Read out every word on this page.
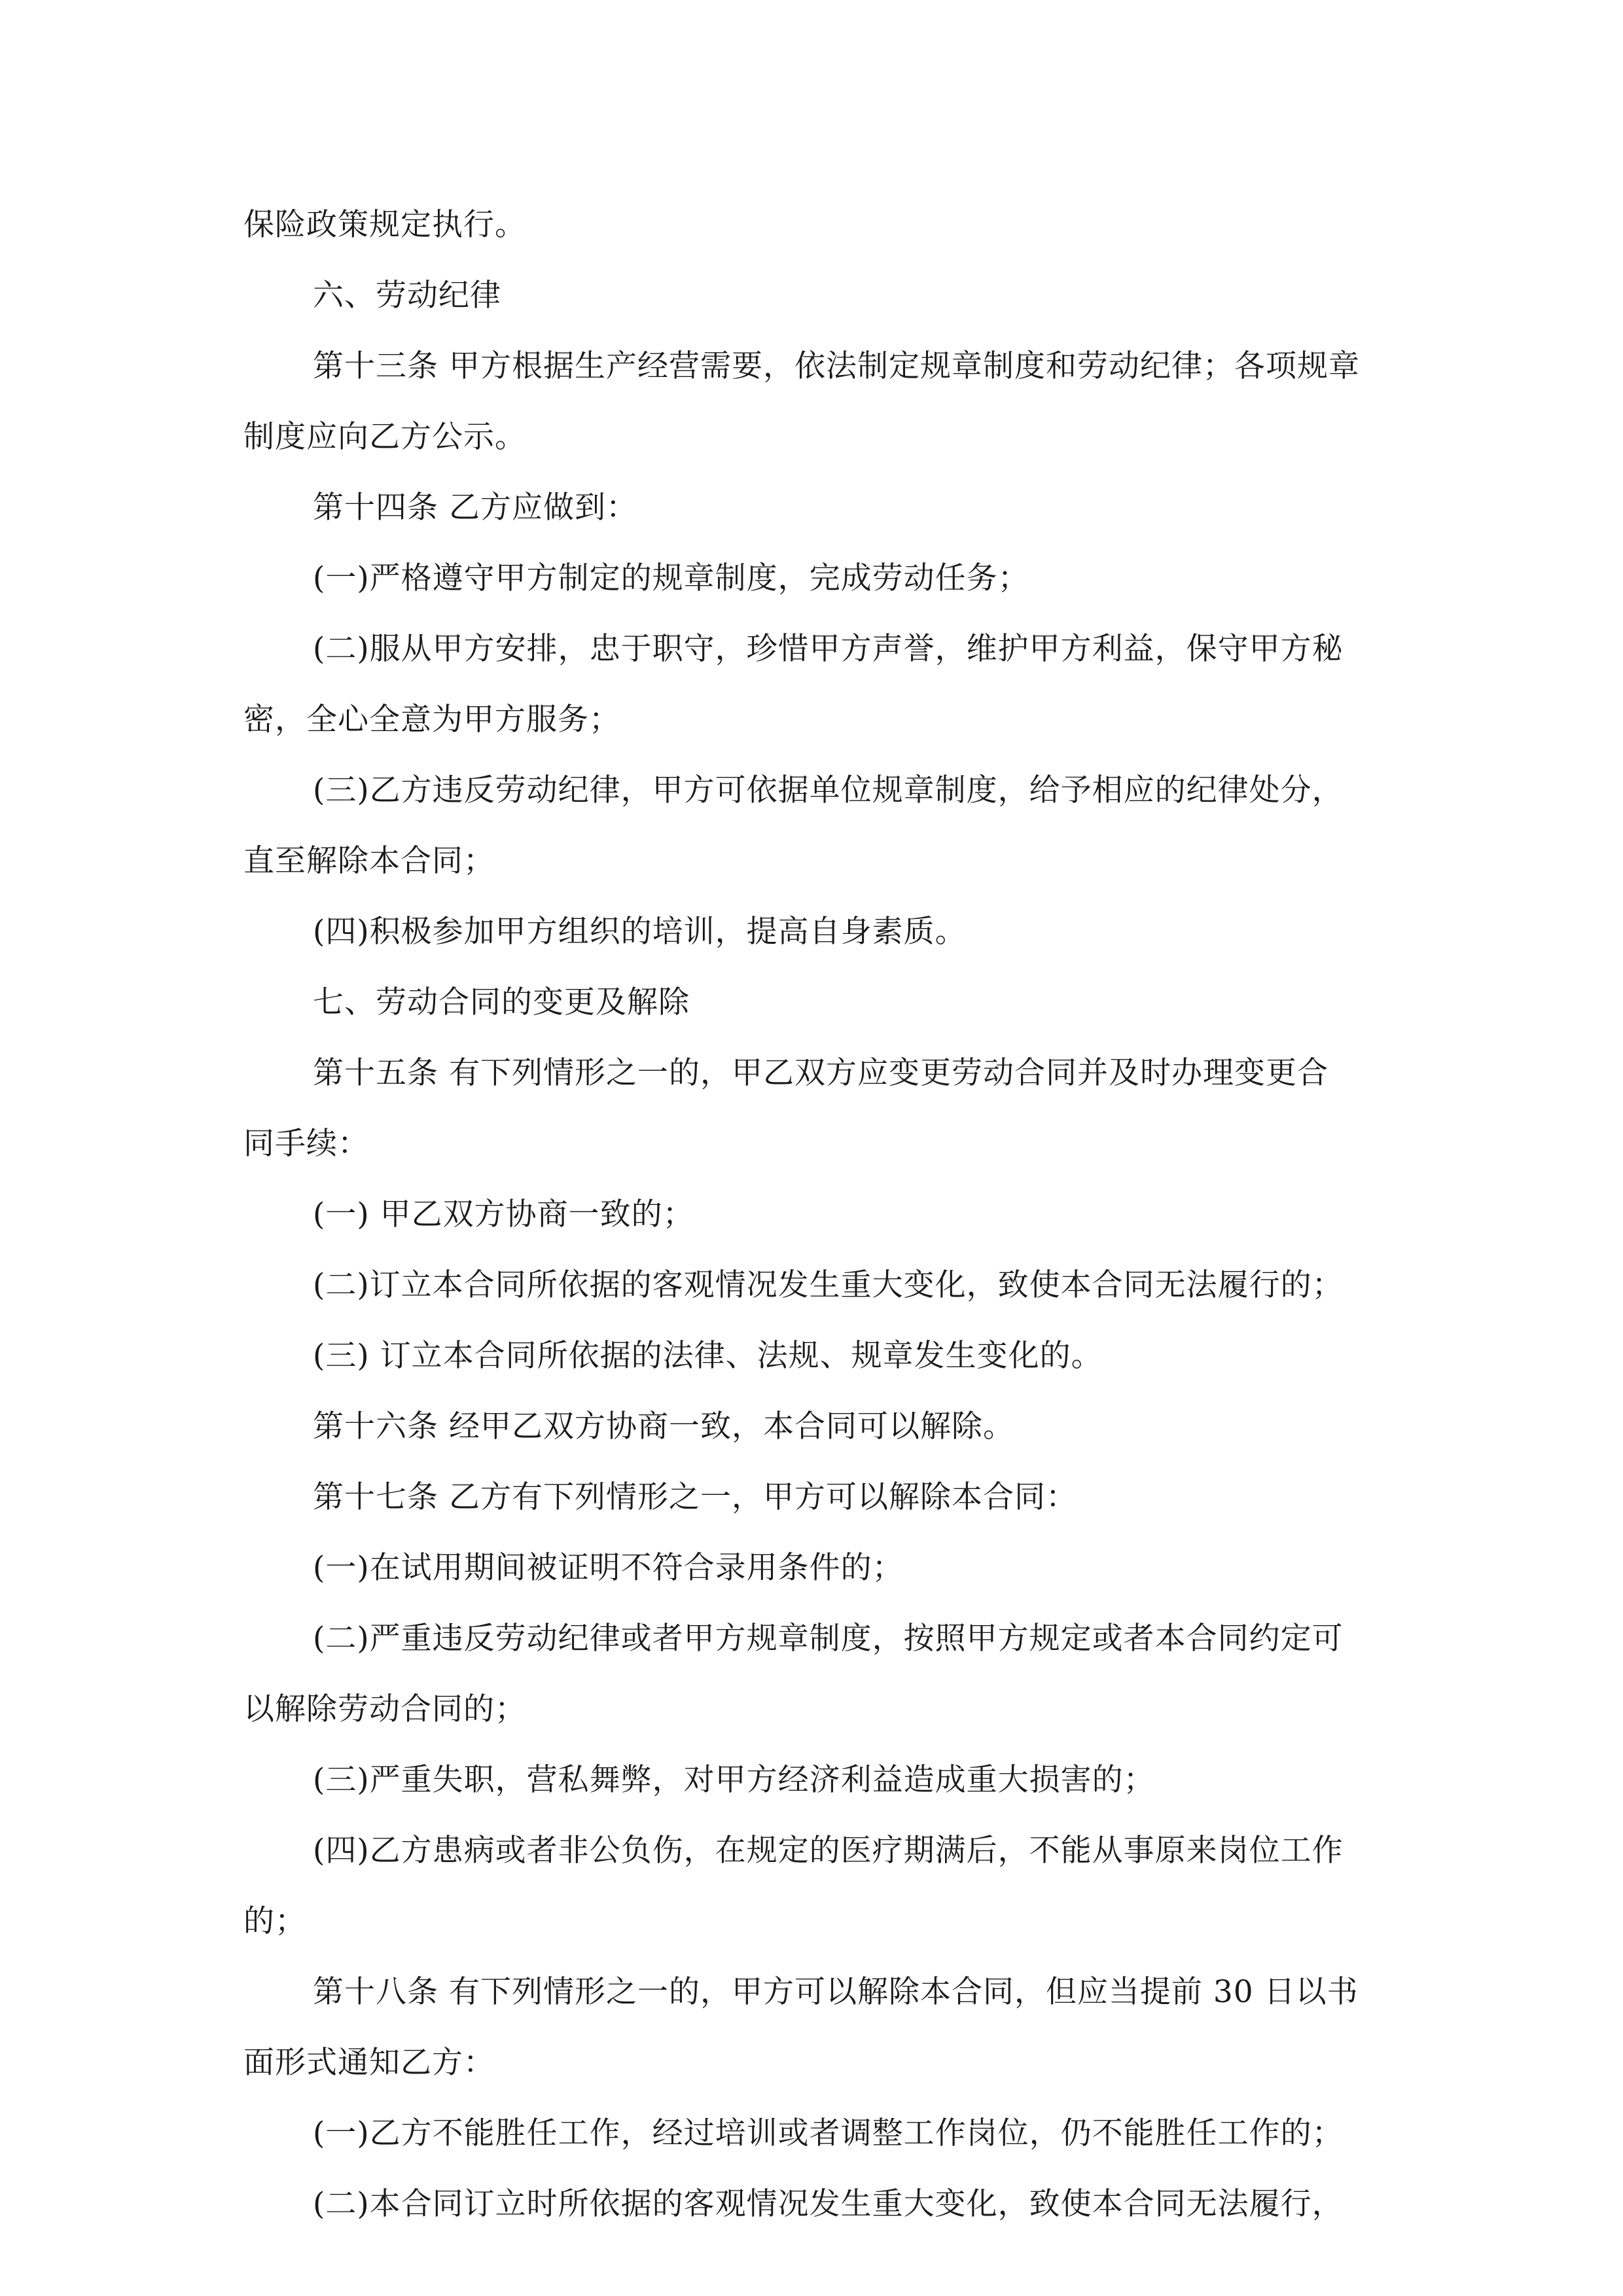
保险政策规定执行。
六、劳动纪律
第十三条 甲方根据生产经营需要，依法制定规章制度和劳动纪律；各项规章
制度应向乙方公示。
第十四条 乙方应做到：
(一)严格遵守甲方制定的规章制度，完成劳动任务；
(二)服从甲方安排，忠于职守，珍惜甲方声誉，维护甲方利益，保守甲方秘
密，全心全意为甲方服务；
(三)乙方违反劳动纪律，甲方可依据单位规章制度，给予相应的纪律处分，
直至解除本合同；
(四)积极参加甲方组织的培训，提高自身素质。
七、劳动合同的变更及解除
第十五条 有下列情形之一的，甲乙双方应变更劳动合同并及时办理变更合
同手续：
(一) 甲乙双方协商一致的；
(二)订立本合同所依据的客观情况发生重大变化，致使本合同无法履行的；
(三) 订立本合同所依据的法律、法规、规章发生变化的。
第十六条 经甲乙双方协商一致，本合同可以解除。
第十七条 乙方有下列情形之一，甲方可以解除本合同：
(一)在试用期间被证明不符合录用条件的；
(二)严重违反劳动纪律或者甲方规章制度，按照甲方规定或者本合同约定可
以解除劳动合同的；
(三)严重失职，营私舞弊，对甲方经济利益造成重大损害的；
(四)乙方患病或者非公负伤，在规定的医疗期满后，不能从事原来岗位工作
的；
第十八条 有下列情形之一的，甲方可以解除本合同，但应当提前 30 日以书
面形式通知乙方：
(一)乙方不能胜任工作，经过培训或者调整工作岗位，仍不能胜任工作的；
(二)本合同订立时所依据的客观情况发生重大变化，致使本合同无法履行，
